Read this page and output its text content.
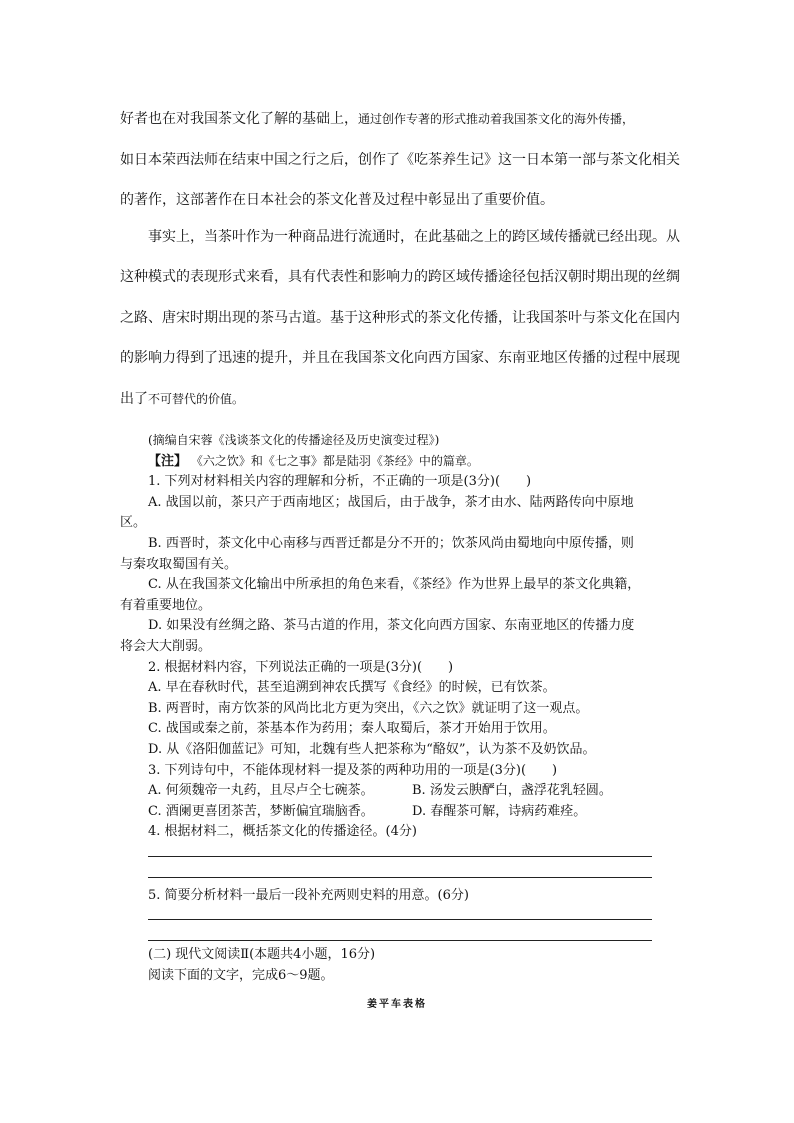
好者也在对我国茶文化了解的基础上，通过创作专著的形式推动着我国茶文化的海外传播，
如日本荣西法师在结束中国之行之后，创作了《吃茶养生记》这一日本第一部与茶文化相关
的著作，这部著作在日本社会的茶文化普及过程中彰显出了重要价值。
事实上，当茶叶作为一种商品进行流通时，在此基础之上的跨区域传播就已经出现。从
这种模式的表现形式来看，具有代表性和影响力的跨区域传播途径包括汉朝时期出现的丝绸
之路、唐宋时期出现的茶马古道。基于这种形式的茶文化传播，让我国茶叶与茶文化在国内
的影响力得到了迅速的提升，并且在我国茶文化向西方国家、东南亚地区传播的过程中展现
出了不可替代的价值。
(摘编自宋蓉《浅谈茶文化的传播途径及历史演变过程》)
【注】 《六之饮》和《七之事》都是陆羽《茶经》中的篇章。
1. 下列对材料相关内容的理解和分析，不正确的一项是(3分)(　　)
A. 战国以前，茶只产于西南地区；战国后，由于战争，茶才由水、陆两路传向中原地
区。
B. 西晋时，茶文化中心南移与西晋迁都是分不开的；饮茶风尚由蜀地向中原传播，则
与秦攻取蜀国有关。
C. 从在我国茶文化输出中所承担的角色来看，《茶经》作为世界上最早的茶文化典籍，
有着重要地位。
D. 如果没有丝绸之路、茶马古道的作用，茶文化向西方国家、东南亚地区的传播力度
将会大大削弱。
2. 根据材料内容，下列说法正确的一项是(3分)(　　)
A. 早在春秋时代，甚至追溯到神农氏撰写《食经》的时候，已有饮茶。
B. 两晋时，南方饮茶的风尚比北方更为突出，《六之饮》就证明了这一观点。
C. 战国或秦之前，茶基本作为药用；秦人取蜀后，茶才开始用于饮用。
D. 从《洛阳伽蓝记》可知，北魏有些人把茶称为“酪奴”，认为茶不及奶饮品。
3. 下列诗句中，不能体现材料一提及茶的两种功用的一项是(3分)(　　)
A. 何须魏帝一丸药，且尽卢仝七碗茶。	B. 汤发云腴酽白，盏浮花乳轻圆。
C. 酒阑更喜团茶苦，梦断偏宜瑞脑香。	D. 春醒茶可解，诗病药难痊。
4. 根据材料二，概括茶文化的传播途径。(4分)
5. 简要分析材料一最后一段补充两则史料的用意。(6分)
(二) 现代文阅读Ⅱ(本题共4小题，16分)
阅读下面的文字，完成6～9题。
姜平车表格
